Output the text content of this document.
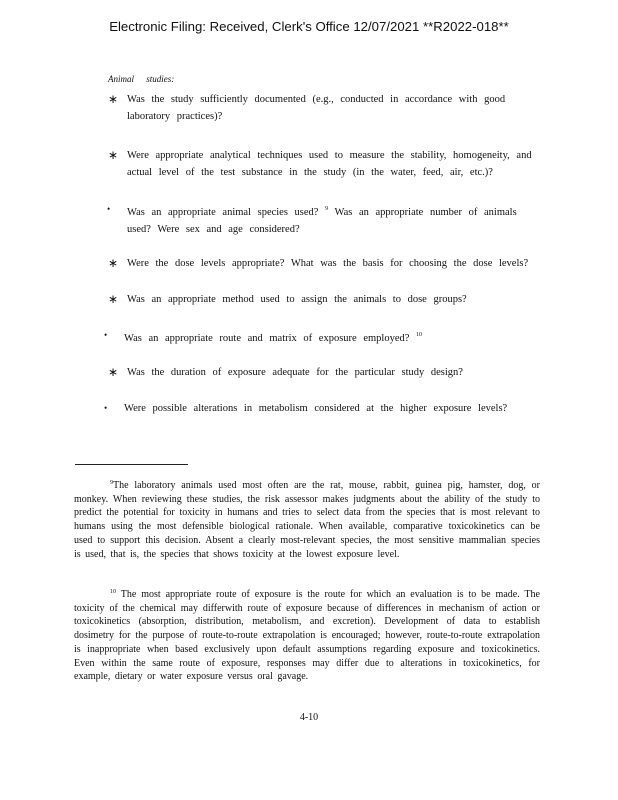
Electronic Filing: Received, Clerk's Office 12/07/2021 **R2022-018**
Animal studies:
∗ Was the study sufficiently documented (e.g., conducted in accordance with good laboratory practices)?
∗ Were appropriate analytical techniques used to measure the stability, homogeneity, and actual level of the test substance in the study (in the water, feed, air, etc.)?
• Was an appropriate animal species used? $^9$ Was an appropriate number of animals used? Were sex and age considered?
∗ Were the dose levels appropriate? What was the basis for choosing the dose levels?
∗ Was an appropriate method used to assign the animals to dose groups?
• Was an appropriate route and matrix of exposure employed? $^{10}$
∗ Was the duration of exposure adequate for the particular study design?
• Were possible alterations in metabolism considered at the higher exposure levels?
$^9$The laboratory animals used most often are the rat, mouse, rabbit, guinea pig, hamster, dog, or monkey. When reviewing these studies, the risk assessor makes judgments about the ability of the study to predict the potential for toxicity in humans and tries to select data from the species that is most relevant to humans using the most defensible biological rationale. When available, comparative toxicokinetics can be used to support this decision. Absent a clearly most-relevant species, the most sensitive mammalian species is used, that is, the species that shows toxicity at the lowest exposure level.
$^{10}$ The most appropriate route of exposure is the route for which an evaluation is to be made. The toxicity of the chemical may differwith route of exposure because of differences in mechanism of action or toxicokinetics (absorption, distribution, metabolism, and excretion). Development of data to establish dosimetry for the purpose of route-to-route extrapolation is encouraged; however, route-to-route extrapolation is inappropriate when based exclusively upon default assumptions regarding exposure and toxicokinetics. Even within the same route of exposure, responses may differ due to alterations in toxicokinetics, for example, dietary or water exposure versus oral gavage.
4-10
